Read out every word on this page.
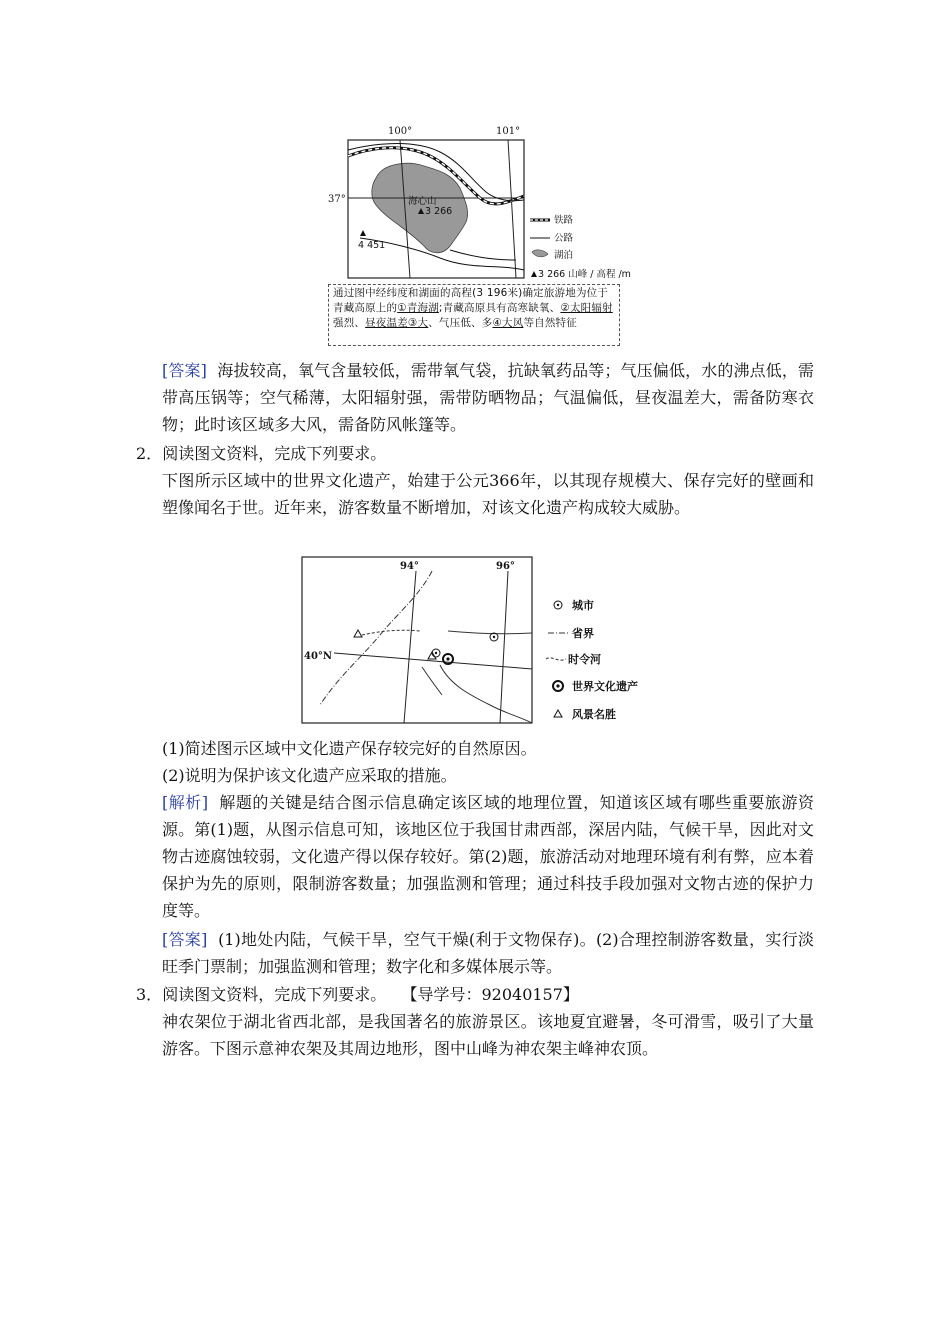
100°	101°
37°	海心山
3 266
4 451
铁路
公路
湖泊
3 266 山峰 / 高程 /m
通过图中经纬度和湖面的高程(3 196米)确定旅游地为位于青藏高原上的①青海湖;青藏高原具有高寒缺氧、②太阳辐射强烈、昼夜温差③大、气压低、多④大风等自然特征
[答案] 海拔较高，氧气含量较低，需带氧气袋，抗缺氧药品等；气压偏低，水的沸点低，需带高压锅等；空气稀薄，太阳辐射强，需带防晒物品；气温偏低，昼夜温差大，需备防寒衣物；此时该区域多大风，需备防风帐篷等。
2．阅读图文资料，完成下列要求。
下图所示区域中的世界文化遗产，始建于公元366年，以其现存规模大、保存完好的壁画和塑像闻名于世。近年来，游客数量不断增加，对该文化遗产构成较大威胁。
94°	96°
40°N
城市
省界
时令河
世界文化遗产
风景名胜
(1)简述图示区域中文化遗产保存较完好的自然原因。
(2)说明为保护该文化遗产应采取的措施。
[解析] 解题的关键是结合图示信息确定该区域的地理位置，知道该区域有哪些重要旅游资源。第(1)题，从图示信息可知，该地区位于我国甘肃西部，深居内陆，气候干旱，因此对文物古迹腐蚀较弱，文化遗产得以保存较好。第(2)题，旅游活动对地理环境有利有弊，应本着保护为先的原则，限制游客数量；加强监测和管理；通过科技手段加强对文物古迹的保护力度等。
[答案] (1)地处内陆，气候干旱，空气干燥(利于文物保存)。(2)合理控制游客数量，实行淡旺季门票制；加强监测和管理；数字化和多媒体展示等。
3．阅读图文资料，完成下列要求。 【导学号：92040157】
神农架位于湖北省西北部，是我国著名的旅游景区。该地夏宜避暑，冬可滑雪，吸引了大量游客。下图示意神农架及其周边地形，图中山峰为神农架主峰神农顶。
